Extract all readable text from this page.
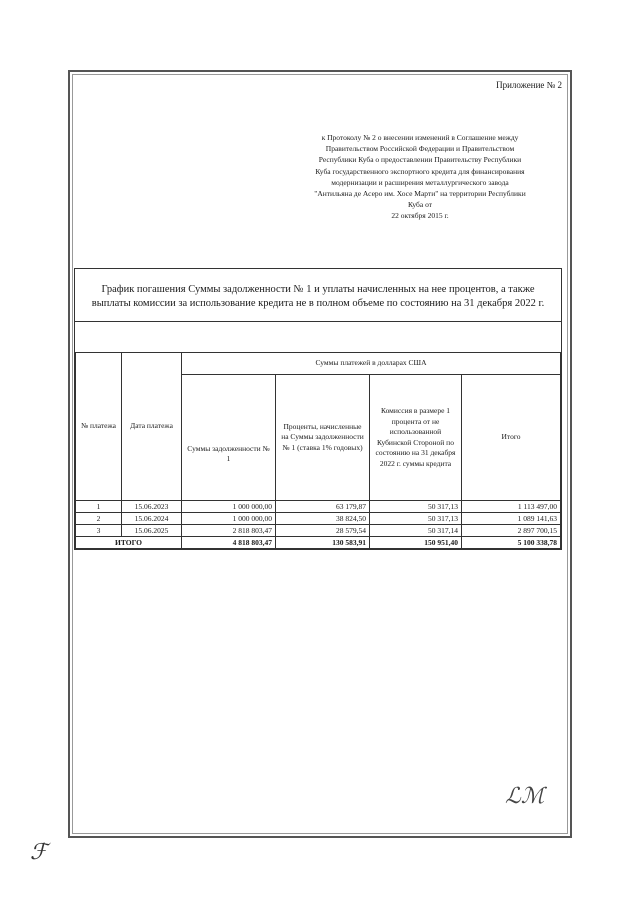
Приложение № 2
к Протоколу № 2 о внесении изменений в Соглашение между
Правительством Российской Федерации и Правительством
Республики Куба о предоставлении Правительству Республики
Куба государственного экспортного кредита для финансирования
модернизации и расширения металлургического завода
"Антильяна де Асеро им. Хосе Марти" на территории Республики
Куба от
22 октября 2015 г.
График погашения Суммы задолженности № 1 и уплаты начисленных на нее процентов, а также выплаты комиссии за использование кредита не в полном объеме по состоянию на 31 декабря 2022 г.
№ платежа	Дата платежа	Суммы платежей в долларах США			
		Суммы задолженности № 1	Проценты, начисленные на Суммы задолженности № 1 (ставка 1% годовых)	Комиссия в размере 1 процента от не использованной Кубинской Стороной по состоянию на 31 декабря 2022 г. суммы кредита	Итого
1	15.06.2023	1 000 000,00	63 179,87	50 317,13	1 113 497,00
2	15.06.2024	1 000 000,00	38 824,50	50 317,13	1 089 141,63
3	15.06.2025	2 818 803,47	28 579,54	50 317,14	2 897 700,15
ИТОГО		4 818 803,47	130 583,91	150 951,40	5 100 338,78
ℒℳ
ℱ
